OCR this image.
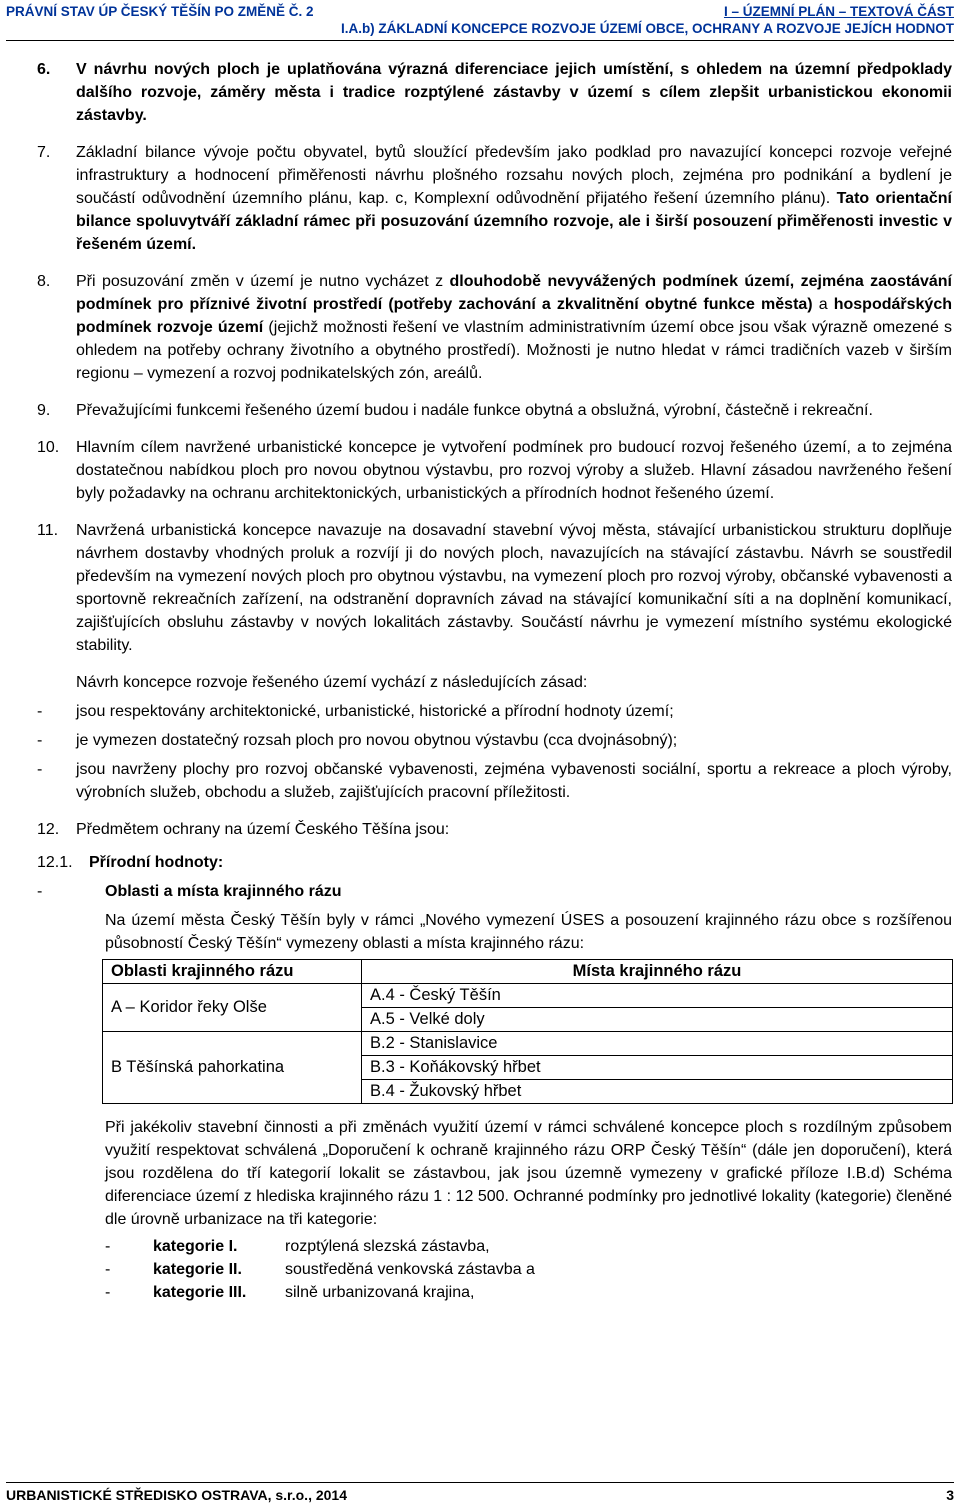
PRÁVNÍ STAV ÚP ČESKÝ TĚŠÍN PO ZMĚNĚ Č. 2	I – ÚZEMNÍ PLÁN – TEXTOVÁ ČÁST
I.A.b) ZÁKLADNÍ KONCEPCE ROZVOJE ÚZEMÍ OBCE, OCHRANY A ROZVOJE JEJÍCH HODNOT
6. V návrhu nových ploch je uplatňována výrazná diferenciace jejich umístění, s ohledem na územní předpoklady dalšího rozvoje, záměry města i tradice rozptýlené zástavby v území s cílem zlepšit urbanistickou ekonomii zástavby.
7. Základní bilance vývoje počtu obyvatel, bytů sloužící především jako podklad pro navazující koncepci rozvoje veřejné infrastruktury a hodnocení přiměřenosti návrhu plošného rozsahu nových ploch, zejména pro podnikání a bydlení je součástí odůvodnění územního plánu, kap. c, Komplexní odůvodnění přijatého řešení územního plánu). Tato orientační bilance spoluvytváří základní rámec při posuzování územního rozvoje, ale i širší posouzení přiměřenosti investic v řešeném území.
8. Při posuzování změn v území je nutno vycházet z dlouhodobě nevyvážených podmínek území, zejména zaostávání podmínek pro příznivé životní prostředí (potřeby zachování a zkvalitnění obytné funkce města) a hospodářských podmínek rozvoje území (jejichž možnosti řešení ve vlastním administrativním území obce jsou však výrazně omezené s ohledem na potřeby ochrany životního a obytného prostředí). Možnosti je nutno hledat v rámci tradičních vazeb v širším regionu – vymezení a rozvoj podnikatelských zón, areálů.
9. Převažujícími funkcemi řešeného území budou i nadále funkce obytná a obslužná, výrobní, částečně i rekreační.
10. Hlavním cílem navržené urbanistické koncepce je vytvoření podmínek pro budoucí rozvoj řešeného území, a to zejména dostatečnou nabídkou ploch pro novou obytnou výstavbu, pro rozvoj výroby a služeb. Hlavní zásadou navrženého řešení byly požadavky na ochranu architektonických, urbanistických a přírodních hodnot řešeného území.
11. Navržená urbanistická koncepce navazuje na dosavadní stavební vývoj města, stávající urbanistickou strukturu doplňuje návrhem dostavby vhodných proluk a rozvíjí ji do nových ploch, navazujících na stávající zástavbu. Návrh se soustředil především na vymezení nových ploch pro obytnou výstavbu, na vymezení ploch pro rozvoj výroby, občanské vybavenosti a sportovně rekreačních zařízení, na odstranění dopravních závad na stávající komunikační síti a na doplnění komunikací, zajišťujících obsluhu zástavby v nových lokalitách zástavby. Součástí návrhu je vymezení místního systému ekologické stability.
Návrh koncepce rozvoje řešeného území vychází z následujících zásad:
- jsou respektovány architektonické, urbanistické, historické a přírodní hodnoty území;
- je vymezen dostatečný rozsah ploch pro novou obytnou výstavbu (cca dvojnásobný);
- jsou navrženy plochy pro rozvoj občanské vybavenosti, zejména vybavenosti sociální, sportu a rekreace a ploch výroby, výrobních služeb, obchodu a služeb, zajišťujících pracovní příležitosti.
12. Předmětem ochrany na území Českého Těšína jsou:
12.1. Přírodní hodnoty:
-	Oblasti a místa krajinného rázu
Na území města Český Těšín byly v rámci „Nového vymezení ÚSES a posouzení krajinného rázu obce s rozšířenou působností Český Těšín“ vymezeny oblasti a místa krajinného rázu:
Oblasti krajinného rázu	Místa krajinného rázu
A – Koridor řeky Olše	A.4 - Český Těšín
	A.5 - Velké doly
B Těšínská pahorkatina	B.2 - Stanislavice
	B.3 - Koňákovský hřbet
	B.4 - Žukovský hřbet
Při jakékoliv stavební činnosti a při změnách využití území v rámci schválené koncepce ploch s rozdílným způsobem využití respektovat schválená „Doporučení k ochraně krajinného rázu ORP Český Těšín“ (dále jen doporučení), která jsou rozdělena do tří kategorií lokalit se zástavbou, jak jsou územně vymezeny v grafické příloze I.B.d) Schéma diferenciace území z hlediska krajinného rázu 1 : 12 500. Ochranné podmínky pro jednotlivé lokality (kategorie) členěné dle úrovně urbanizace na tři kategorie:
-	kategorie I.	rozptýlená slezská zástavba,
-	kategorie II.	soustředěná venkovská zástavba a
-	kategorie III. silně urbanizovaná krajina,
URBANISTICKÉ STŘEDISKO OSTRAVA, s.r.o., 2014	3
